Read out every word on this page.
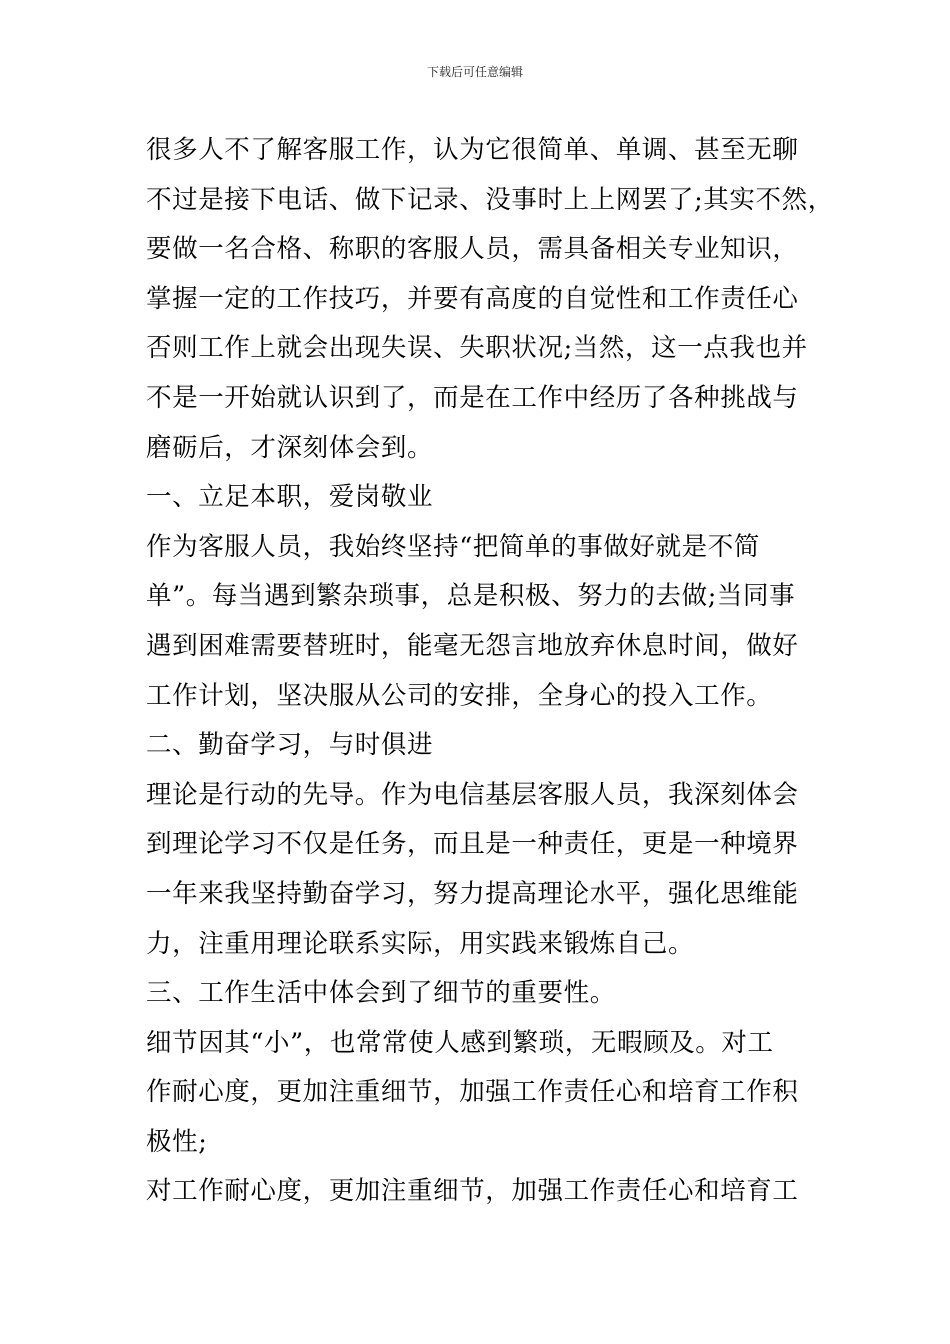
下载后可任意编辑
很多人不了解客服工作，认为它很简单、单调、甚至无聊
不过是接下电话、做下记录、没事时上上网罢了;其实不然，
要做一名合格、称职的客服人员，需具备相关专业知识，
掌握一定的工作技巧，并要有高度的自觉性和工作责任心
否则工作上就会出现失误、失职状况;当然，这一点我也并
不是一开始就认识到了，而是在工作中经历了各种挑战与
磨砺后，才深刻体会到。
一、立足本职，爱岗敬业
作为客服人员，我始终坚持“把简单的事做好就是不简
单”。每当遇到繁杂琐事，总是积极、努力的去做;当同事
遇到困难需要替班时，能毫无怨言地放弃休息时间，做好
工作计划，坚决服从公司的安排，全身心的投入工作。
二、勤奋学习，与时俱进
理论是行动的先导。作为电信基层客服人员，我深刻体会
到理论学习不仅是任务，而且是一种责任，更是一种境界
一年来我坚持勤奋学习，努力提高理论水平，强化思维能
力，注重用理论联系实际，用实践来锻炼自己。
三、工作生活中体会到了细节的重要性。
细节因其“小”，也常常使人感到繁琐，无暇顾及。对工
作耐心度，更加注重细节，加强工作责任心和培育工作积
极性;
对工作耐心度，更加注重细节，加强工作责任心和培育工
